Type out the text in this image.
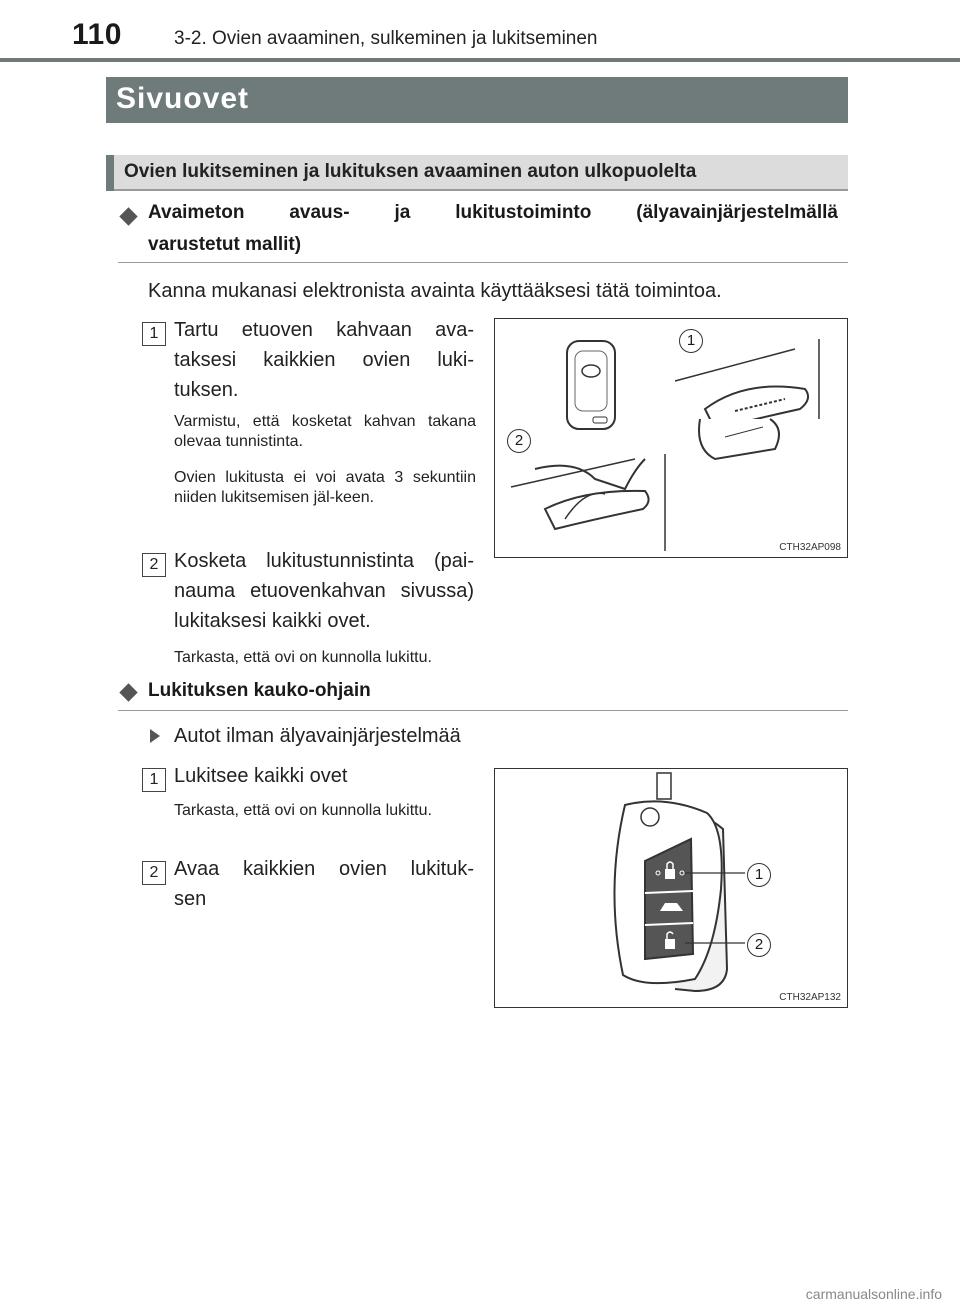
110	3-2. Ovien avaaminen, sulkeminen ja lukitseminen
Sivuovet
Ovien lukitseminen ja lukituksen avaaminen auton ulkopuolelta
Avaimeton avaus- ja lukitustoiminto (älyavainjärjestelmällä
varustetut mallit)
Kanna mukanasi elektronista avainta käyttääksesi tätä toimintoa.
1 Tartu etuoven kahvaan ava-
taksesi kaikkien ovien luki-
tuksen.
Varmistu, että kosketat kahvan takana olevaa tunnistinta.
Ovien lukitusta ei voi avata 3 sekuntiin niiden lukitsemisen jäl-keen.
2 Kosketa lukitustunnistinta (pai-
nauma etuovenkahvan sivussa)
lukitaksesi kaikki ovet.
Tarkasta, että ovi on kunnolla lukittu.
1
2
CTH32AP098
Lukituksen kauko-ohjain
Autot ilman älyavainjärjestelmää
1 Lukitsee kaikki ovet
Tarkasta, että ovi on kunnolla lukittu.
2 Avaa kaikkien ovien lukituk-
sen
1
2
CTH32AP132
carmanualsonline.info
